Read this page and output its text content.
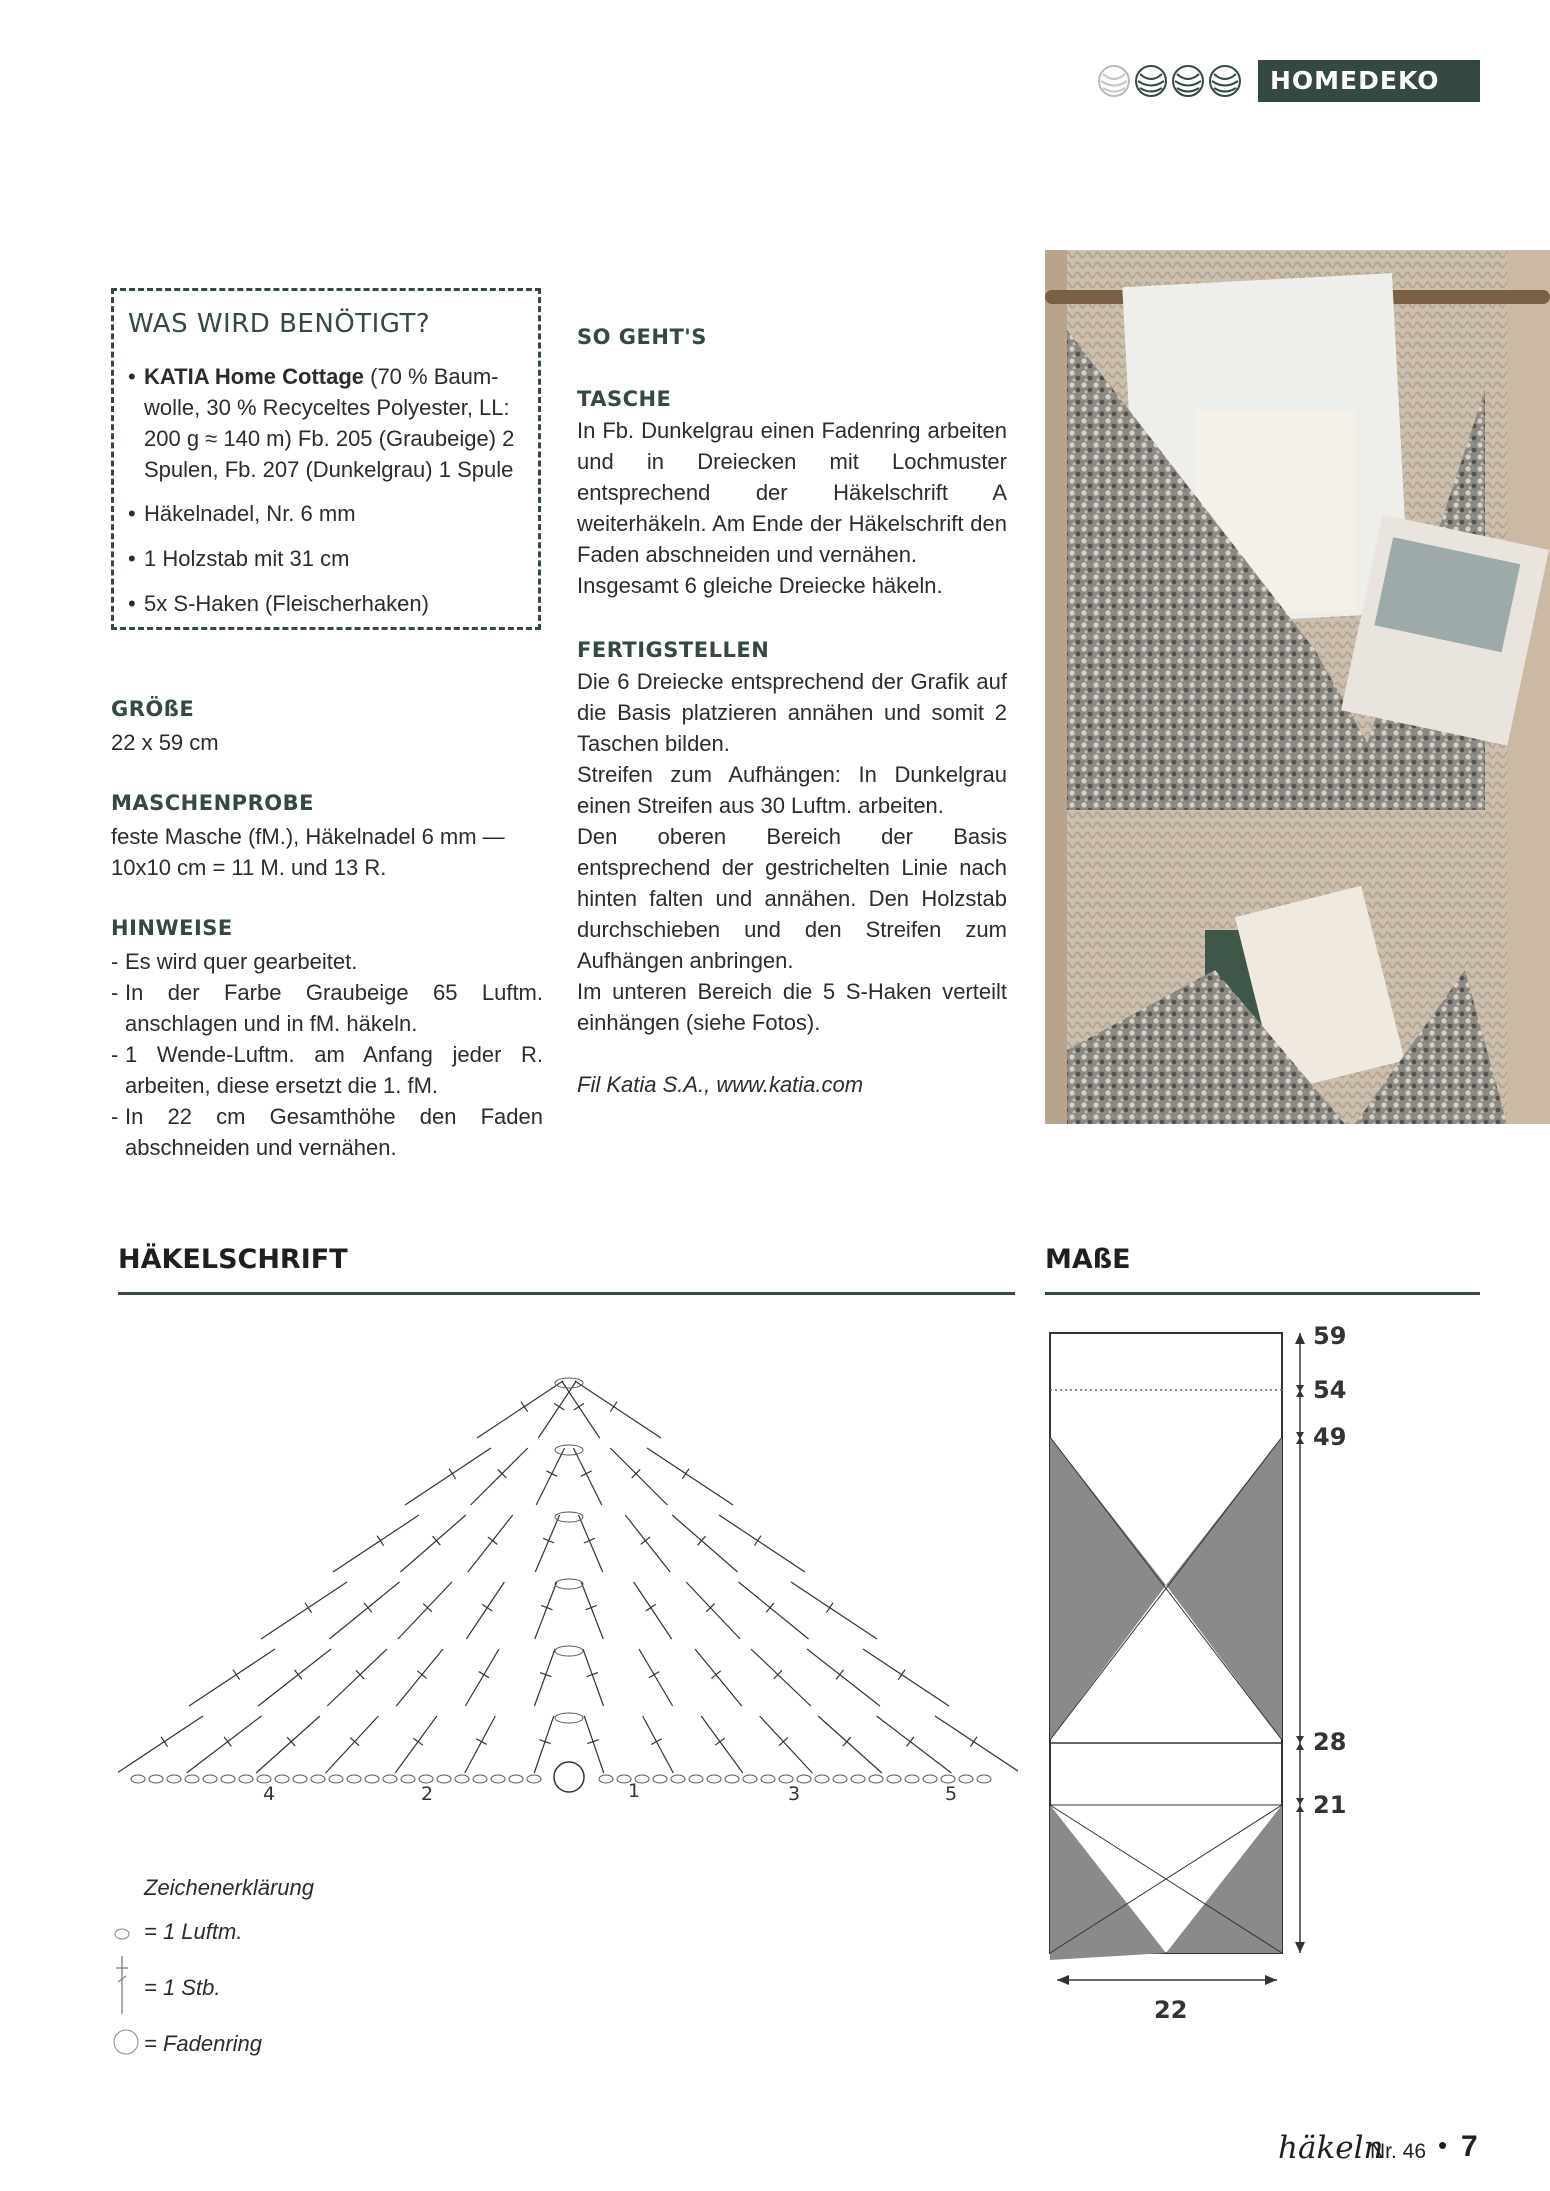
HOMEDEKO
WAS WIRD BENÖTIGT?
• KATIA Home Cottage (70 % Baum-
wolle, 30 % Recyceltes Polyester, LL:
200 g ≈ 140 m) Fb. 205 (Graubeige) 2
Spulen, Fb. 207 (Dunkelgrau) 1 Spule
• Häkelnadel, Nr. 6 mm
• 1 Holzstab mit 31 cm
• 5x S-Haken (Fleischerhaken)
GRÖßE
22 x 59 cm
MASCHENPROBE
feste Masche (fM.), Häkelnadel 6 mm —
10x10 cm = 11 M. und 13 R.
HINWEISE
- Es wird quer gearbeitet.
- In der Farbe Graubeige 65 Luftm. anschlagen und in fM. häkeln.
- 1 Wende-Luftm. am Anfang jeder R. arbeiten, diese ersetzt die 1. fM.
- In 22 cm Gesamthöhe den Faden abschneiden und vernähen.
SO GEHT'S
TASCHE
In Fb. Dunkelgrau einen Fadenring arbeiten und in Dreiecken mit Lochmuster entsprechend der Häkelschrift A weiterhäkeln. Am Ende der Häkelschrift den Faden abschneiden und vernähen.
Insgesamt 6 gleiche Dreiecke häkeln.
FERTIGSTELLEN
Die 6 Dreiecke entsprechend der Grafik auf die Basis platzieren annähen und somit 2 Taschen bilden.
Streifen zum Aufhängen: In Dunkelgrau einen Streifen aus 30 Luftm. arbeiten.
Den oberen Bereich der Basis entsprechend der gestrichelten Linie nach hinten falten und annähen. Den Holzstab durchschieben und den Streifen zum Aufhängen anbringen.
Im unteren Bereich die 5 S-Haken verteilt einhängen (siehe Fotos).
Fil Katia S.A., www.katia.com
HÄKELSCHRIFT	MAßE
4	2	1	3	5
Zeichenerklärung
= 1 Luftm.
= 1 Stb.
= Fadenring
59
54
49
28
21
22
häkeln
Nr. 46 • 7
